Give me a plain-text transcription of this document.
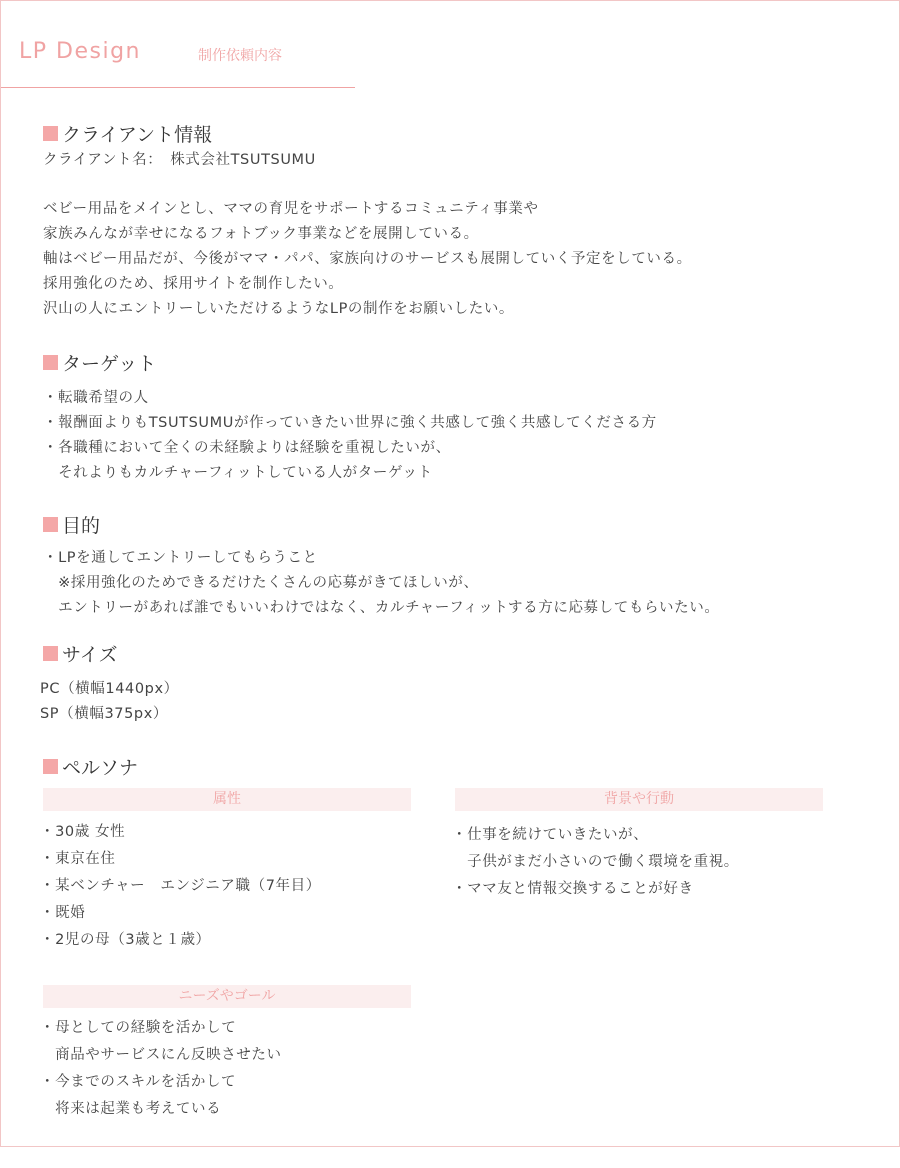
LP Design	制作依頼内容
クライアント情報
クライアント名：　株式会社TSUTSUMU
ベビー用品をメインとし、ママの育児をサポートするコミュニティ事業や
家族みんなが幸せになるフォトブック事業などを展開している。
軸はベビー用品だが、今後がママ・パパ、家族向けのサービスも展開していく予定をしている。
採用強化のため、採用サイトを制作したい。
沢山の人にエントリーしいただけるようなLPの制作をお願いしたい。
ターゲット
・転職希望の人
・報酬面よりもTSUTSUMUが作っていきたい世界に強く共感して強く共感してくださる方
・各職種において全くの未経験よりは経験を重視したいが、
　それよりもカルチャーフィットしている人がターゲット
目的
・LPを通してエントリーしてもらうこと
　※採用強化のためできるだけたくさんの応募がきてほしいが、
　エントリーがあれば誰でもいいわけではなく、カルチャーフィットする方に応募してもらいたい。
サイズ
PC（横幅1440px）
SP（横幅375px）
ペルソナ
属性
・30歳 女性
・東京在住
・某ベンチャー　エンジニア職（7年目）
・既婚
・2児の母（3歳と１歳）
背景や行動
・仕事を続けていきたいが、
　子供がまだ小さいので働く環境を重視。
・ママ友と情報交換することが好き
ニーズやゴール
・母としての経験を活かして
　商品やサービスにん反映させたい
・今までのスキルを活かして
　将来は起業も考えている
